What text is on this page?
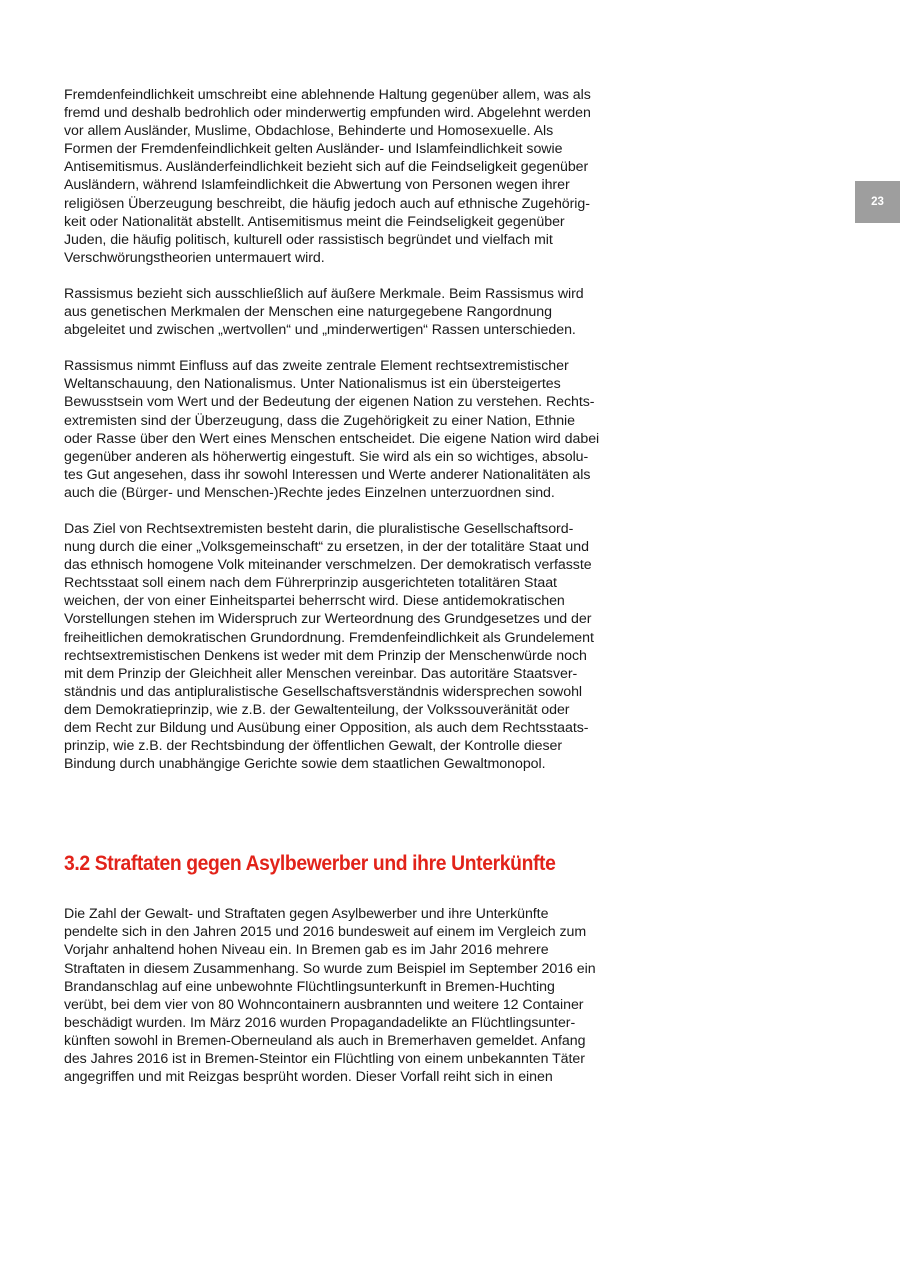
23

Fremdenfeindlichkeit umschreibt eine ablehnende Haltung gegenüber allem, was als
fremd und deshalb bedrohlich oder minderwertig empfunden wird. Abgelehnt werden
vor allem Ausländer, Muslime, Obdachlose, Behinderte und Homosexuelle. Als
Formen der Fremdenfeindlichkeit gelten Ausländer- und Islamfeindlichkeit sowie
Antisemitismus. Ausländerfeindlichkeit bezieht sich auf die Feindseligkeit gegenüber
Ausländern, während Islamfeindlichkeit die Abwertung von Personen wegen ihrer
religiösen Überzeugung beschreibt, die häufig jedoch auch auf ethnische Zugehörig-
keit oder Nationalität abstellt. Antisemitismus meint die Feindseligkeit gegenüber
Juden, die häufig politisch, kulturell oder rassistisch begründet und vielfach mit
Verschwörungstheorien untermauert wird.

Rassismus bezieht sich ausschließlich auf äußere Merkmale. Beim Rassismus wird
aus genetischen Merkmalen der Menschen eine naturgegebene Rangordnung
abgeleitet und zwischen „wertvollen“ und „minderwertigen“ Rassen unterschieden.

Rassismus nimmt Einfluss auf das zweite zentrale Element rechtsextremistischer
Weltanschauung, den Nationalismus. Unter Nationalismus ist ein übersteigertes
Bewusstsein vom Wert und der Bedeutung der eigenen Nation zu verstehen. Rechts-
extremisten sind der Überzeugung, dass die Zugehörigkeit zu einer Nation, Ethnie
oder Rasse über den Wert eines Menschen entscheidet. Die eigene Nation wird dabei
gegenüber anderen als höherwertig eingestuft. Sie wird als ein so wichtiges, absolu-
tes Gut angesehen, dass ihr sowohl Interessen und Werte anderer Nationalitäten als
auch die (Bürger- und Menschen-)Rechte jedes Einzelnen unterzuordnen sind.

Das Ziel von Rechtsextremisten besteht darin, die pluralistische Gesellschaftsord-
nung durch die einer „Volksgemeinschaft“ zu ersetzen, in der der totalitäre Staat und
das ethnisch homogene Volk miteinander verschmelzen. Der demokratisch verfasste
Rechtsstaat soll einem nach dem Führerprinzip ausgerichteten totalitären Staat
weichen, der von einer Einheitspartei beherrscht wird. Diese antidemokratischen
Vorstellungen stehen im Widerspruch zur Werteordnung des Grundgesetzes und der
freiheitlichen demokratischen Grundordnung. Fremdenfeindlichkeit als Grundelement
rechtsextremistischen Denkens ist weder mit dem Prinzip der Menschenwürde noch
mit dem Prinzip der Gleichheit aller Menschen vereinbar. Das autoritäre Staatsver-
ständnis und das antipluralistische Gesellschaftsverständnis widersprechen sowohl
dem Demokratieprinzip, wie z.B. der Gewaltenteilung, der Volkssouveränität oder
dem Recht zur Bildung und Ausübung einer Opposition, als auch dem Rechtsstaats-
prinzip, wie z.B. der Rechtsbindung der öffentlichen Gewalt, der Kontrolle dieser
Bindung durch unabhängige Gerichte sowie dem staatlichen Gewaltmonopol.

3.2 Straftaten gegen Asylbewerber und ihre Unterkünfte

Die Zahl der Gewalt- und Straftaten gegen Asylbewerber und ihre Unterkünfte
pendelte sich in den Jahren 2015 und 2016 bundesweit auf einem im Vergleich zum
Vorjahr anhaltend hohen Niveau ein. In Bremen gab es im Jahr 2016 mehrere
Straftaten in diesem Zusammenhang. So wurde zum Beispiel im September 2016 ein
Brandanschlag auf eine unbewohnte Flüchtlingsunterkunft in Bremen-Huchting
verübt, bei dem vier von 80 Wohncontainern ausbrannten und weitere 12 Container
beschädigt wurden. Im März 2016 wurden Propagandadelikte an Flüchtlingsunter-
künften sowohl in Bremen-Oberneuland als auch in Bremerhaven gemeldet. Anfang
des Jahres 2016 ist in Bremen-Steintor ein Flüchtling von einem unbekannten Täter
angegriffen und mit Reizgas besprüht worden. Dieser Vorfall reiht sich in einen
